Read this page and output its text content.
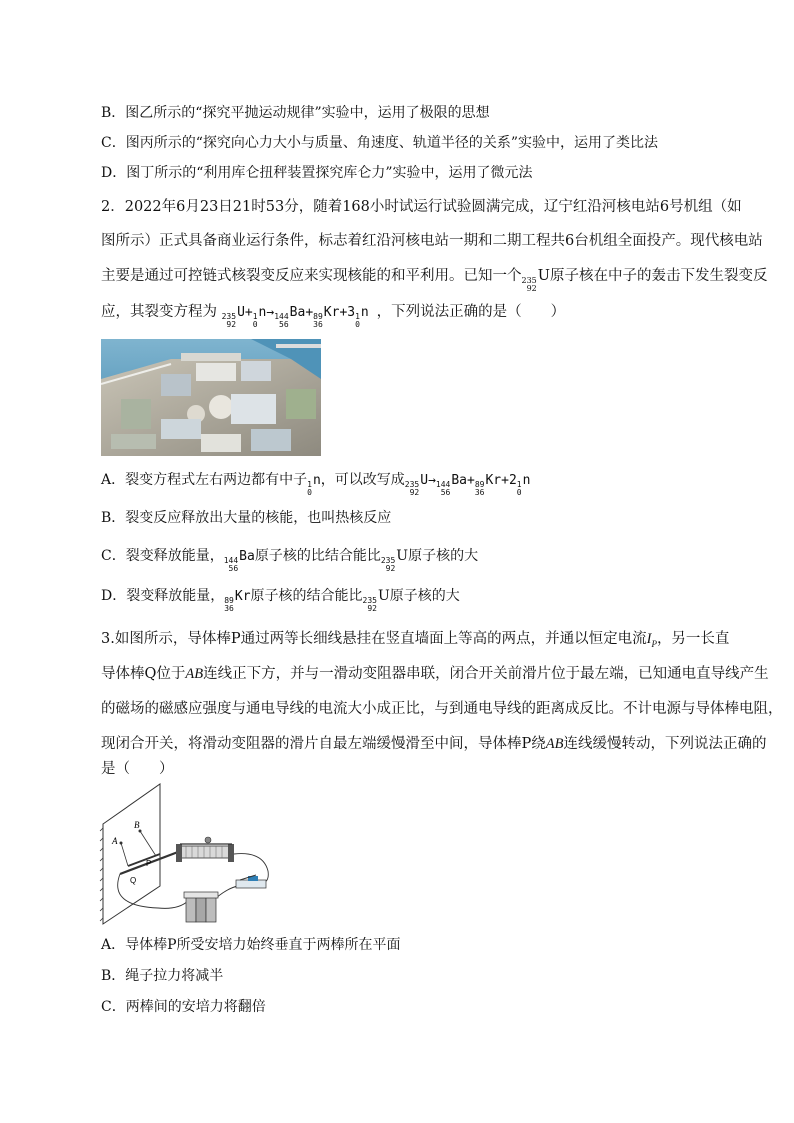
B．图乙所示的“探究平抛运动规律”实验中，运用了极限的思想
C．图丙所示的“探究向心力大小与质量、角速度、轨道半径的关系”实验中，运用了类比法
D．图丁所示的“利用库仑扭秤装置探究库仑力”实验中，运用了微元法
2．2022年6月23日21时53分，随着168小时试运行试验圆满完成，辽宁红沿河核电站6号机组（如
图所示）正式具备商业运行条件，标志着红沿河核电站一期和二期工程共6台机组全面投产。现代核电站
主要是通过可控链式核裂变反应来实现核能的和平利用。已知一个 235
92
U原子核在中子的轰击下发生裂变反
应，其裂变方程为 235
92
U+ 1
0
n→ 144
56
Ba+ 89
36
Kr+3 1
0
n ，下列说法正确的是（　　）
A．裂变方程式左右两边都有中子 1
0
n，可以改写成 235
92
U→ 144
56
Ba+ 89
36
Kr+2 1
0
n
B．裂变反应释放出大量的核能，也叫热核反应
C．裂变释放能量， 144
56
Ba原子核的比结合能比 235
92
U原子核的大
D．裂变释放能量， 89
36
Kr原子核的结合能比 235
92
U原子核的大
3.如图所示，导体棒P通过两等长细线悬挂在竖直墙面上等高的两点，并通以恒定电流$I_P$，另一长直
导体棒Q位于AB连线正下方，并与一滑动变阻器串联，闭合开关前滑片位于最左端，已知通电直导线产生
的磁场的磁感应强度与通电导线的电流大小成正比，与到通电导线的距离成反比。不计电源与导体棒电阻，
现闭合开关，将滑动变阻器的滑片自最左端缓慢滑至中间，导体棒P绕AB连线缓慢转动，下列说法正确的
是（　　）
A
B
P
Q
A．导体棒P所受安培力始终垂直于两棒所在平面
B．绳子拉力将减半
C．两棒间的安培力将翻倍
